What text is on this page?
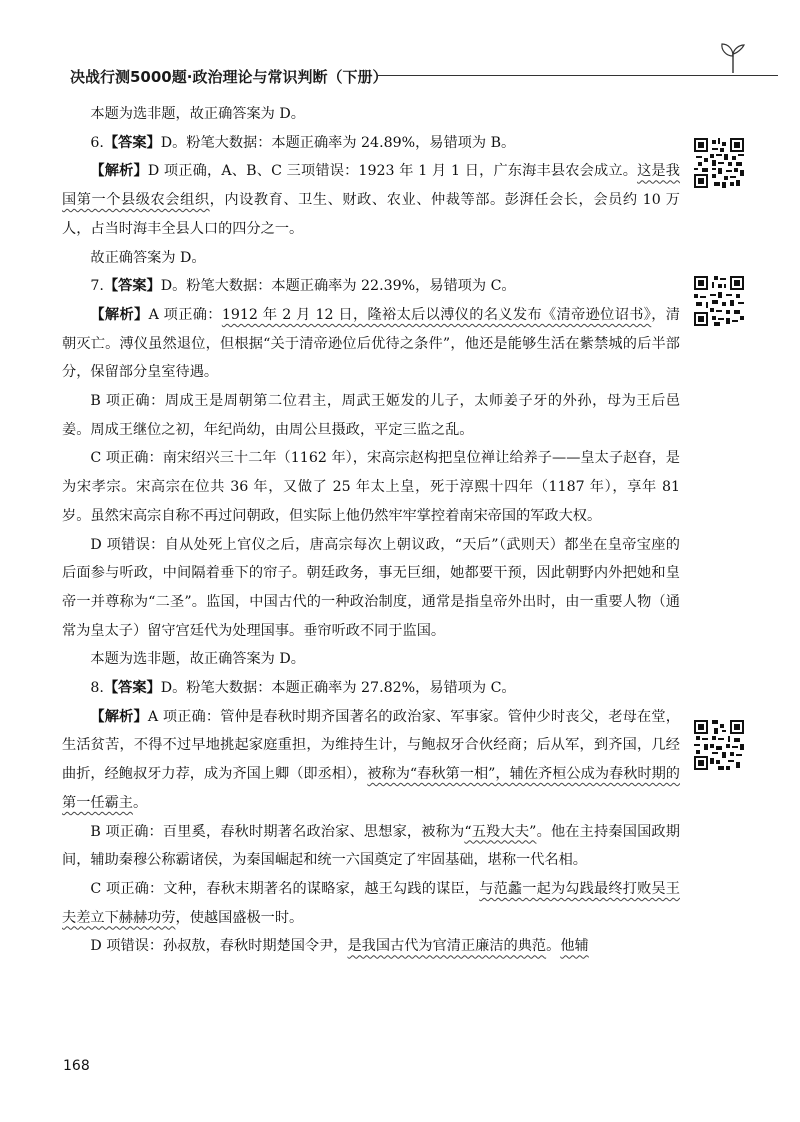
决战行测5000题·政治理论与常识判断（下册）

本题为选非题，故正确答案为 D。

6.【答案】D。粉笔大数据：本题正确率为 24.89%，易错项为 B。

【解析】D 项正确，A、B、C 三项错误：1923 年 1 月 1 日，广东海丰县农会成立。这是我国第一个县级农会组织，内设教育、卫生、财政、农业、仲裁等部。彭湃任会长，会员约 10 万人，占当时海丰全县人口的四分之一。

故正确答案为 D。

7.【答案】D。粉笔大数据：本题正确率为 22.39%，易错项为 C。

【解析】A 项正确：1912 年 2 月 12 日，隆裕太后以溥仪的名义发布《清帝逊位诏书》，清朝灭亡。溥仪虽然退位，但根据“关于清帝逊位后优待之条件”，他还是能够生活在紫禁城的后半部分，保留部分皇室待遇。

B 项正确：周成王是周朝第二位君主，周武王姬发的儿子，太师姜子牙的外孙，母为王后邑姜。周成王继位之初，年纪尚幼，由周公旦摄政，平定三监之乱。

C 项正确：南宋绍兴三十二年（1162 年），宋高宗赵构把皇位禅让给养子——皇太子赵昚，是为宋孝宗。宋高宗在位共 36 年，又做了 25 年太上皇，死于淳熙十四年（1187 年），享年 81 岁。虽然宋高宗自称不再过问朝政，但实际上他仍然牢牢掌控着南宋帝国的军政大权。

D 项错误：自从处死上官仪之后，唐高宗每次上朝议政，“天后”（武则天）都坐在皇帝宝座的后面参与听政，中间隔着垂下的帘子。朝廷政务，事无巨细，她都要干预，因此朝野内外把她和皇帝一并尊称为“二圣”。监国，中国古代的一种政治制度，通常是指皇帝外出时，由一重要人物（通常为皇太子）留守宫廷代为处理国事。垂帘听政不同于监国。

本题为选非题，故正确答案为 D。

8.【答案】D。粉笔大数据：本题正确率为 27.82%，易错项为 C。

【解析】A 项正确：管仲是春秋时期齐国著名的政治家、军事家。管仲少时丧父，老母在堂，生活贫苦，不得不过早地挑起家庭重担，为维持生计，与鲍叔牙合伙经商；后从军，到齐国，几经曲折，经鲍叔牙力荐，成为齐国上卿（即丞相），被称为“春秋第一相”，辅佐齐桓公成为春秋时期的第一任霸主。

B 项正确：百里奚，春秋时期著名政治家、思想家，被称为“五羖大夫”。他在主持秦国国政期间，辅助秦穆公称霸诸侯，为秦国崛起和统一六国奠定了牢固基础，堪称一代名相。

C 项正确：文种，春秋末期著名的谋略家，越王勾践的谋臣，与范蠡一起为勾践最终打败吴王夫差立下赫赫功劳，使越国盛极一时。

D 项错误：孙叔敖，春秋时期楚国令尹，是我国古代为官清正廉洁的典范。他辅

168
